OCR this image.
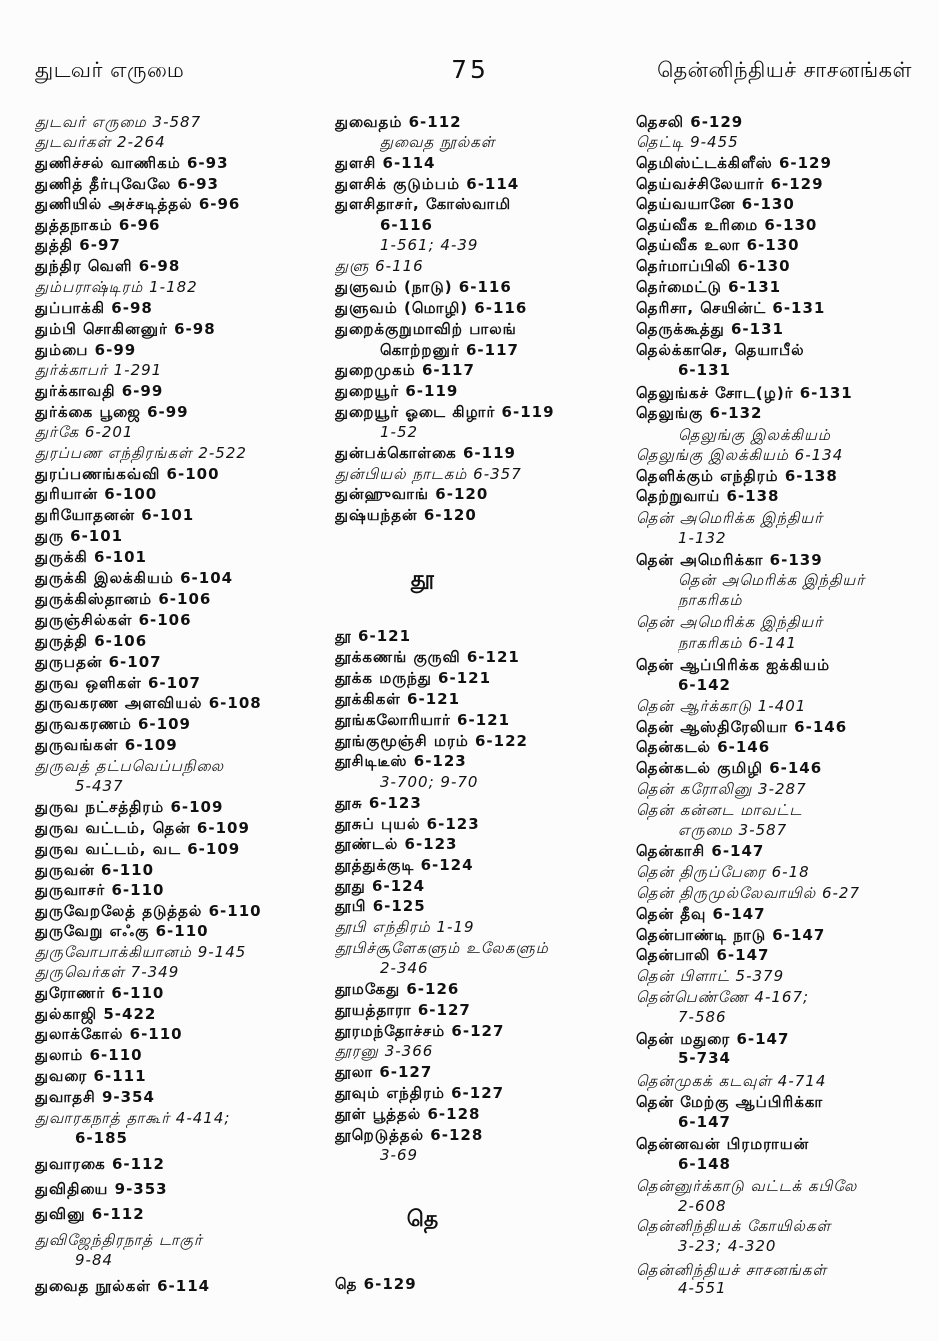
துடவர் எருமை	75	தென்னிந்தியச் சாசனங்கள்
துடவர் எருமை 3-587
துடவர்கள் 2-264
துணிச்சல் வாணிகம் 6-93
துணித் தீர்புவேலே 6-93
துணியில் அச்சடித்தல் 6-96
துத்தநாகம் 6-96
துத்தி 6-97
துந்திர வெளி 6-98
தும்பராஷ்டிரம் 1-182
துப்பாக்கி 6-98
தும்பி சொகினனுர் 6-98
தும்பை 6-99
துர்க்காபர் 1-291
துர்க்காவதி 6-99
துர்க்கை பூஜை 6-99
துர்கே 6-201
துரப்பண எந்திரங்கள் 2-522
துரப்பணங்கவ்வி 6-100
துரியான் 6-100
துரியோதனன் 6-101
துரு 6-101
துருக்கி 6-101
துருக்கி இலக்கியம் 6-104
துருக்கிஸ்தானம் 6-106
துருஞ்சில்கள் 6-106
துருத்தி 6-106
துருபதன் 6-107
துருவ ஒளிகள் 6-107
துருவகரண அளவியல் 6-108
துருவகரணம் 6-109
துருவங்கள் 6-109
துருவத் தட்பவெப்பநிலை
5-437
துருவ நட்சத்திரம் 6-109
துருவ வட்டம், தென் 6-109
துருவ வட்டம், வட 6-109
துருவன் 6-110
துருவாசர் 6-110
துருவேறலேத் தடுத்தல் 6-110
துருவேறு எஃகு 6-110
துருவோபாக்கியானம் 9-145
துருவெர்கள் 7-349
துரோணர் 6-110
துல்காஜி 5-422
துலாக்கோல் 6-110
துலாம் 6-110
துவரை 6-111
துவாதசி 9-354
துவாரகநாத் தாகூர் 4-414;
6-185
துவாரகை 6-112
துவிதியை 9-353
துவினு 6-112
துவிஜேந்திரநாத் டாகுர்
9-84
துவைத நூல்கள் 6-114
துவைதம் 6-112
துவைத நூல்கள்
துளசி 6-114
துளசிக் குடும்பம் 6-114
துளசிதாசர், கோஸ்வாமி
6-116
1-561; 4-39
துளு 6-116
துளுவம் (நாடு) 6-116
துளுவம் (மொழி) 6-116
துறைக்குறுமாவிற் பாலங்
கொற்றனுர் 6-117
துறைமுகம் 6-117
துறையூர் 6-119
துறையூர் ஓடை கிழார் 6-119
1-52
துன்பக்கொள்கை 6-119
துன்பியல் நாடகம் 6-357
துன்ஹுவாங் 6-120
துஷ்யந்தன் 6-120
தூ
தூ 6-121
தூக்கணங் குருவி 6-121
தூக்க மருந்து 6-121
தூக்கிகள் 6-121
தூங்கலோரியார் 6-121
தூங்குமூஞ்சி மரம் 6-122
தூசிடிடீஸ் 6-123
3-700; 9-70
தூசு 6-123
தூசுப் புயல் 6-123
தூண்டல் 6-123
தூத்துக்குடி 6-124
தூது 6-124
தூபி 6-125
தூபி எந்திரம் 1-19
தூபிச்சூளேகளும் உலேகளும்
2-346
தூமகேது 6-126
தூயத்தாரா 6-127
தூரமந்தோச்சம் 6-127
தூரனு 3-366
தூலா 6-127
தூவும் எந்திரம் 6-127
தூள் பூத்தல் 6-128
தூறெடுத்தல் 6-128
3-69
தெ
தெ 6-129
தெசலி 6-129
தெட்டி 9-455
தெமிஸ்ட்டக்கிளீஸ் 6-129
தெய்வச்சிலேயார் 6-129
தெய்வயானே 6-130
தெய்வீக உரிமை 6-130
தெய்வீக உலா 6-130
தெர்மாப்பிலி 6-130
தெர்மைட்டு 6-131
தெரிசா, செயின்ட் 6-131
தெருக்கூத்து 6-131
தெல்க்காசெ, தெயாபீல்
6-131
தெலுங்கச் சோட(ழ)ர் 6-131
தெலுங்கு 6-132
தெலுங்கு இலக்கியம்
தெலுங்கு இலக்கியம் 6-134
தெளிக்கும் எந்திரம் 6-138
தெற்றுவாய் 6-138
தென் அமெரிக்க இந்தியர்
1-132
தென் அமெரிக்கா 6-139
தென் அமெரிக்க இந்தியர்
நாகரிகம்
தென் அமெரிக்க இந்தியர்
நாகரிகம் 6-141
தென் ஆப்பிரிக்க ஐக்கியம்
6-142
தென் ஆர்க்காடு 1-401
தென் ஆஸ்திரேலியா 6-146
தென்கடல் 6-146
தென்கடல் குமிழி 6-146
தென் கரோலினு 3-287
தென் கன்னட மாவட்ட
எருமை 3-587
தென்காசி 6-147
தென் திருப்பேரை 6-18
தென் திருமுல்லேவாயில் 6-27
தென் தீவு 6-147
தென்பாண்டி நாடு 6-147
தென்பாலி 6-147
தென் பிளாட் 5-379
தென்பெண்ணே 4-167;
7-586
தென் மதுரை 6-147
5-734
தென்முகக் கடவுள் 4-714
தென் மேற்கு ஆப்பிரிக்கா
6-147
தென்னவன் பிரமராயன்
6-148
தென்னுர்க்காடு வட்டக் கபிலே
2-608
தென்னிந்தியக் கோயில்கள்
3-23; 4-320
தென்னிந்தியச் சாசனங்கள்
4-551
